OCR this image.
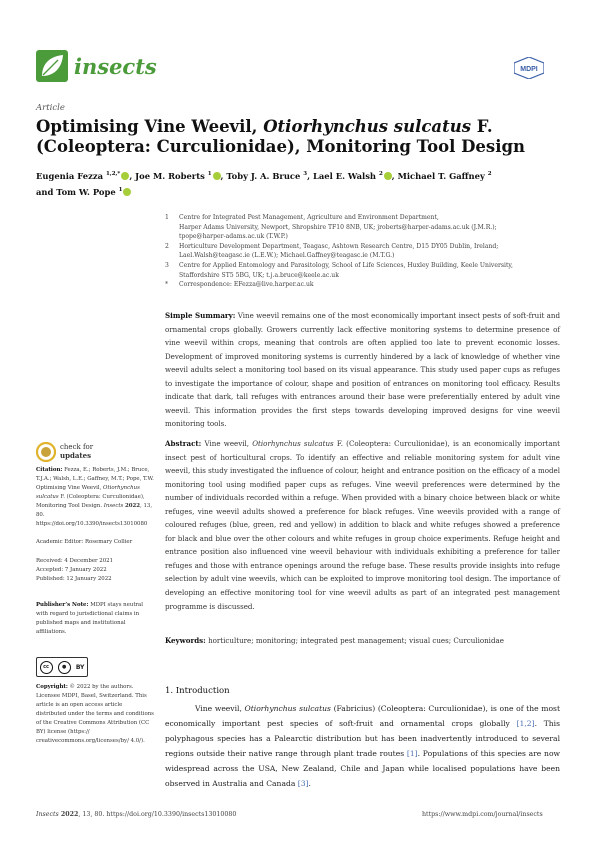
insects	MDPI
Article
Optimising Vine Weevil, Otiorhynchus sulcatus F. (Coleoptera: Curculionidae), Monitoring Tool Design
Eugenia Fezza $^{1,2,*}$ , Joe M. Roberts $^1$ , Toby J. A. Bruce $^3$, Lael E. Walsh $^2$ , Michael T. Gaffney $^2$
and Tom W. Pope $^1$
1	Centre for Integrated Pest Management, Agriculture and Environment Department,
Harper Adams University, Newport, Shropshire TF10 8NB, UK; jroberts@harper-adams.ac.uk (J.M.R.);
tpope@harper-adams.ac.uk (T.W.P.)
2	Horticulture Development Department, Teagasc, Ashtown Research Centre, D15 DY05 Dublin, Ireland;
Lael.Walsh@teagasc.ie (L.E.W.); Michael.Gaffney@teagasc.ie (M.T.G.)
3	Centre for Applied Entomology and Parasitology, School of Life Sciences, Huxley Building, Keele University,
Staffordshire ST5 5BG, UK; t.j.a.bruce@keele.ac.uk
*	Correspondence: EFezza@live.harper.ac.uk
Simple Summary: Vine weevil remains one of the most economically important insect pests of soft-fruit and ornamental crops globally. Growers currently lack effective monitoring systems to determine presence of vine weevil within crops, meaning that controls are often applied too late to prevent economic losses. Development of improved monitoring systems is currently hindered by a lack of knowledge of whether vine weevil adults select a monitoring tool based on its visual appearance. This study used paper cups as refuges to investigate the importance of colour, shape and position of entrances on monitoring tool efficacy. Results indicate that dark, tall refuges with entrances around their base were preferentially entered by adult vine weevil. This information provides the first steps towards developing improved designs for vine weevil monitoring tools.
Abstract: Vine weevil, Otiorhynchus sulcatus F. (Coleoptera: Curculionidae), is an economically important insect pest of horticultural crops. To identify an effective and reliable monitoring system for adult vine weevil, this study investigated the influence of colour, height and entrance position on the efficacy of a model monitoring tool using modified paper cups as refuges. Vine weevil preferences were determined by the number of individuals recorded within a refuge. When provided with a binary choice between black or white refuges, vine weevil adults showed a preference for black refuges. Vine weevils provided with a range of coloured refuges (blue, green, red and yellow) in addition to black and white refuges showed a preference for black and blue over the other colours and white refuges in group choice experiments. Refuge height and entrance position also influenced vine weevil behaviour with individuals exhibiting a preference for taller refuges and those with entrance openings around the refuge base. These results provide insights into refuge selection by adult vine weevils, which can be exploited to improve monitoring tool design. The importance of developing an effective monitoring tool for vine weevil adults as part of an integrated pest management programme is discussed.
Keywords: horticulture; monitoring; integrated pest management; visual cues; Curculionidae
check for
updates
Citation: Fezza, E.; Roberts, J.M.; Bruce, T.J.A.; Walsh, L.E.; Gaffney, M.T.; Pope, T.W. Optimising Vine Weevil, Otiorhynchus sulcatus F. (Coleoptera: Curculionidae), Monitoring Tool Design. Insects 2022, 13, 80. https://doi.org/10.3390/insects13010080
Academic Editor: Rosemary Collier
Received: 4 December 2021
Accepted: 7 January 2022
Published: 12 January 2022
Publisher’s Note: MDPI stays neutral with regard to jurisdictional claims in published maps and institutional affiliations.
cc	●	BY
Copyright: © 2022 by the authors. Licensee MDPI, Basel, Switzerland. This article is an open access article distributed under the terms and conditions of the Creative Commons Attribution (CC BY) license (https:// creativecommons.org/licenses/by/ 4.0/).
1. Introduction
Vine weevil, Otiorhynchus sulcatus (Fabricius) (Coleoptera: Curculionidae), is one of the most economically important pest species of soft-fruit and ornamental crops globally [1,2]. This polyphagous species has a Palearctic distribution but has been inadvertently introduced to several regions outside their native range through plant trade routes [1]. Populations of this species are now widespread across the USA, New Zealand, Chile and Japan while localised populations have been observed in Australia and Canada [3].
Insects 2022, 13, 80. https://doi.org/10.3390/insects13010080	https://www.mdpi.com/journal/insects
